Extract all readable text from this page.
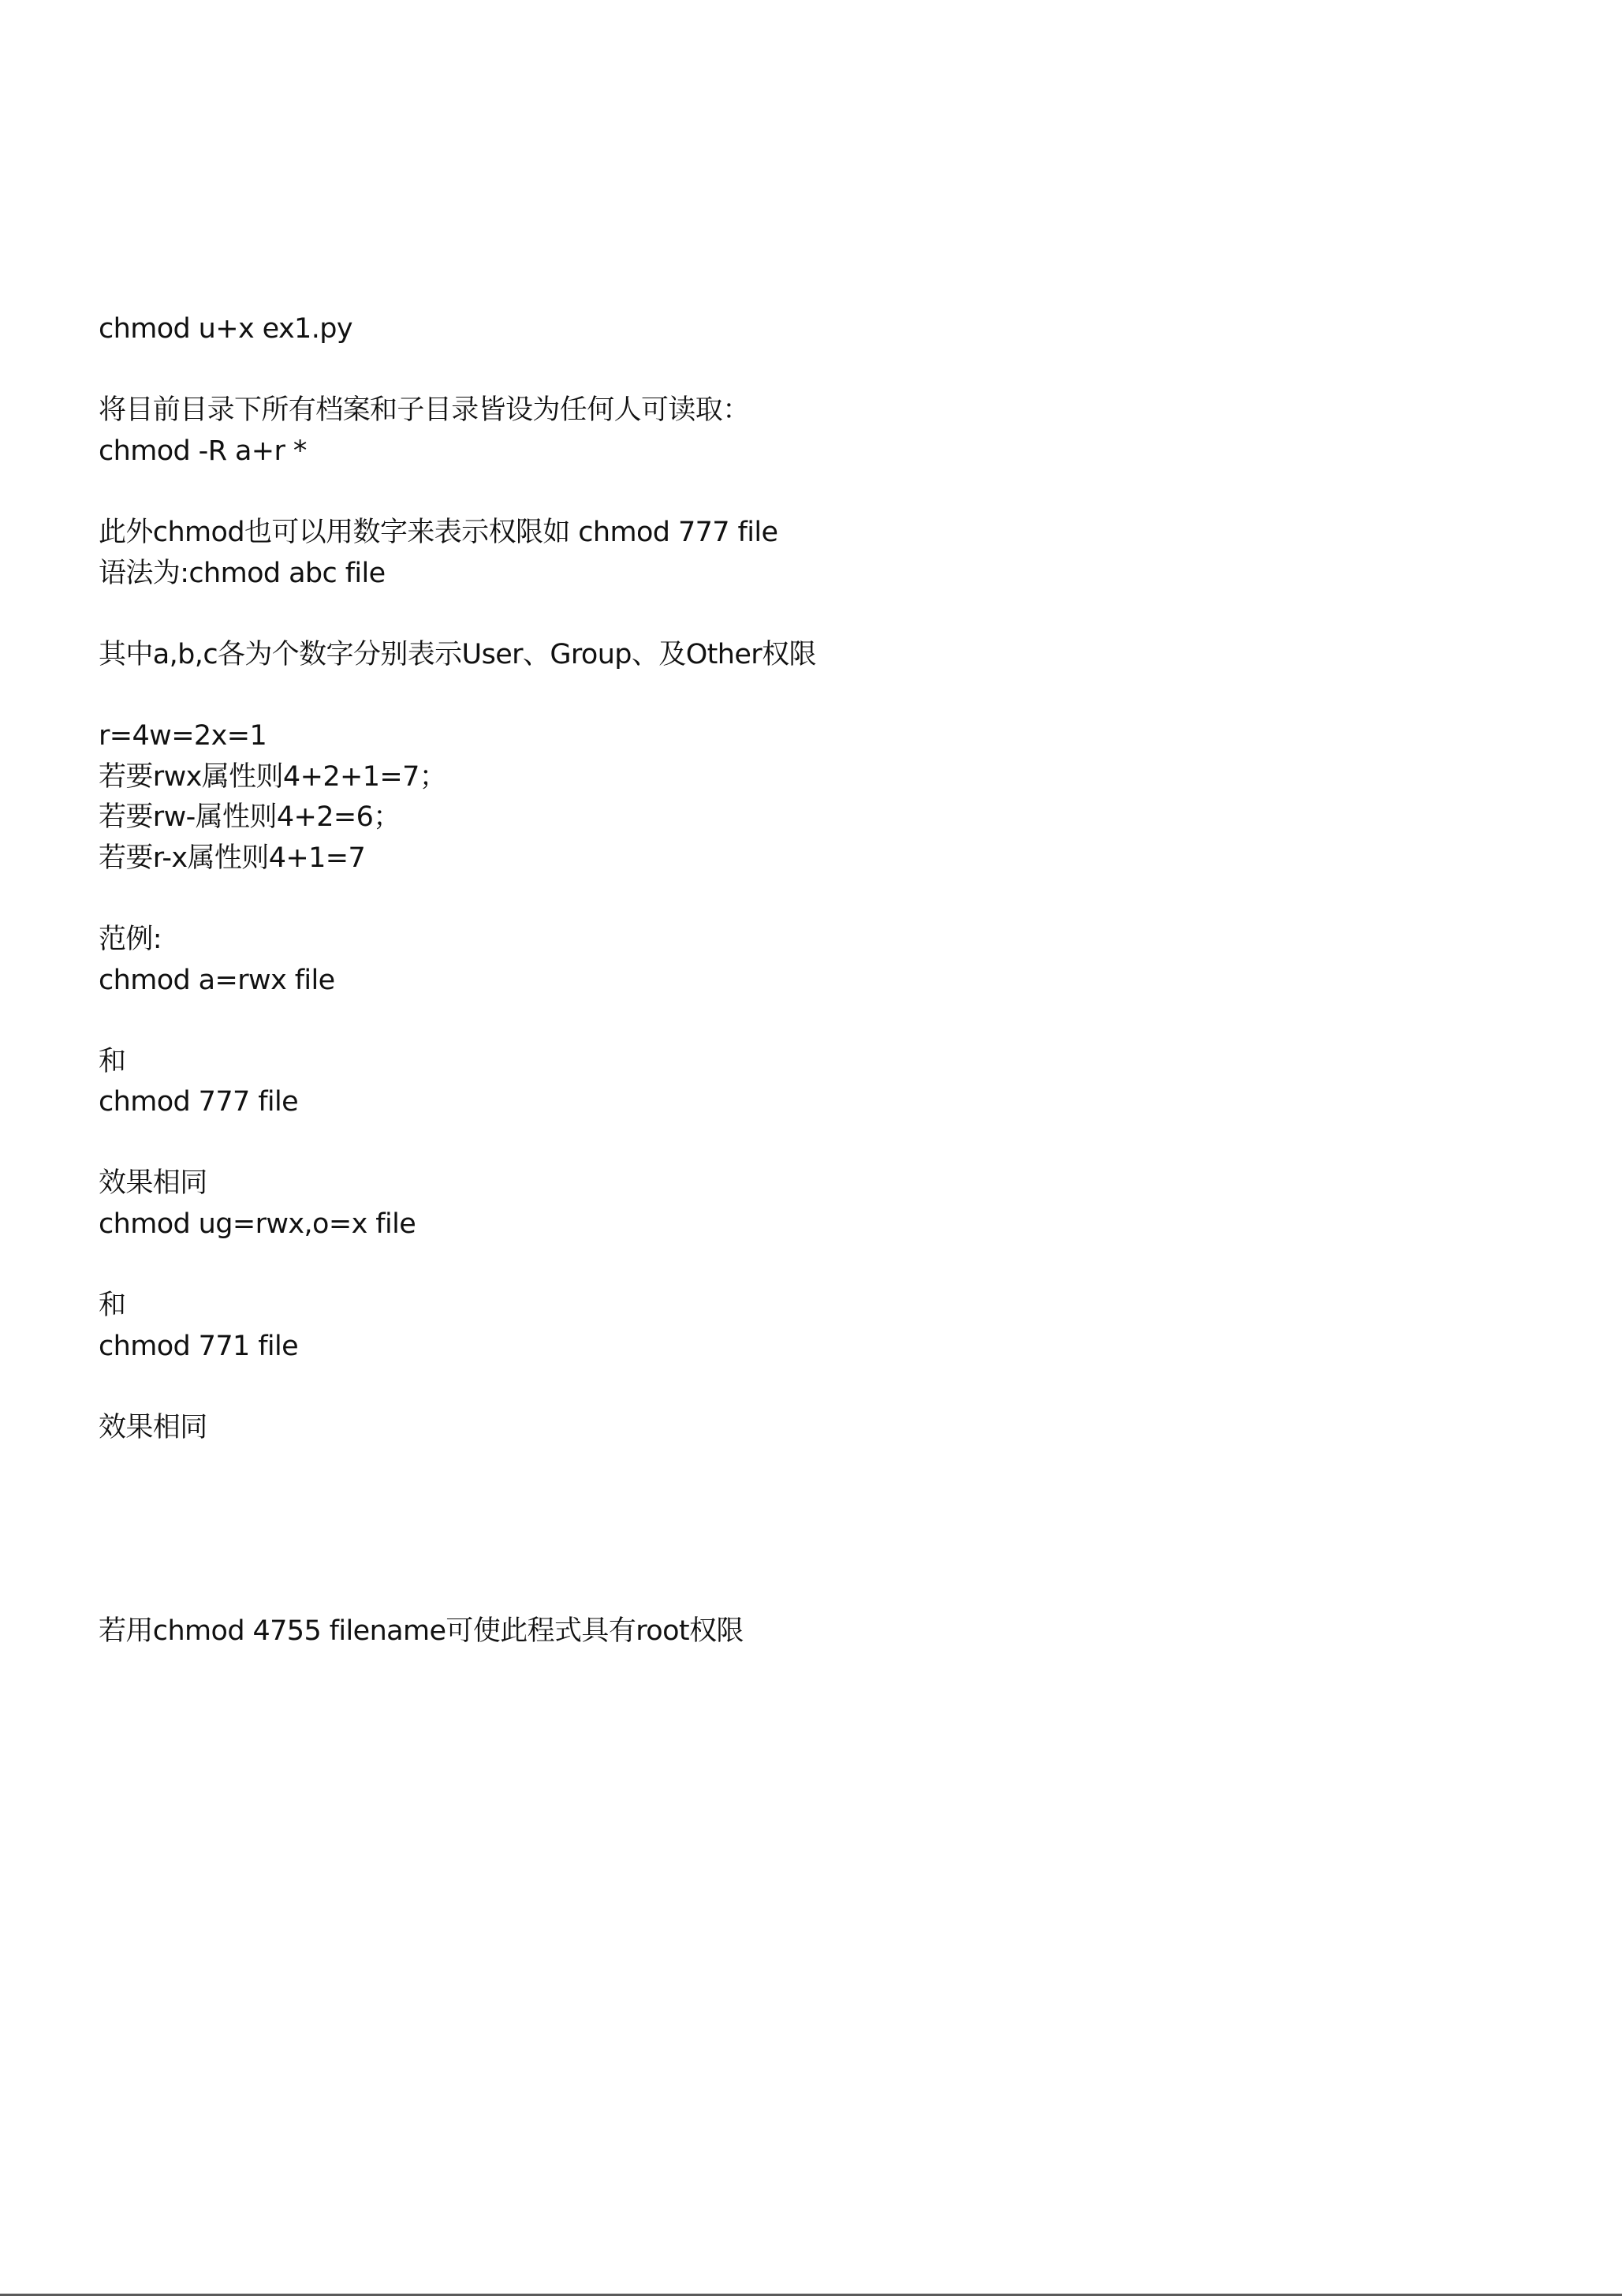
chmod u+x ex1.py
将目前目录下所有档案和子目录皆设为任何人可读取：
chmod -R a+r *
此外chmod也可以用数字来表示权限如 chmod 777 file
语法为:chmod abc file
其中a,b,c各为个数字分别表示User、Group、及Other权限
r=4w=2x=1
若要rwx属性则4+2+1=7；
若要rw-属性则4+2=6；
若要r-x属性则4+1=7
范例:
chmod a=rwx file
和
chmod 777 file
效果相同
chmod ug=rwx,o=x file
和
chmod 771 file
效果相同
若用chmod 4755 filename可使此程式具有root权限
